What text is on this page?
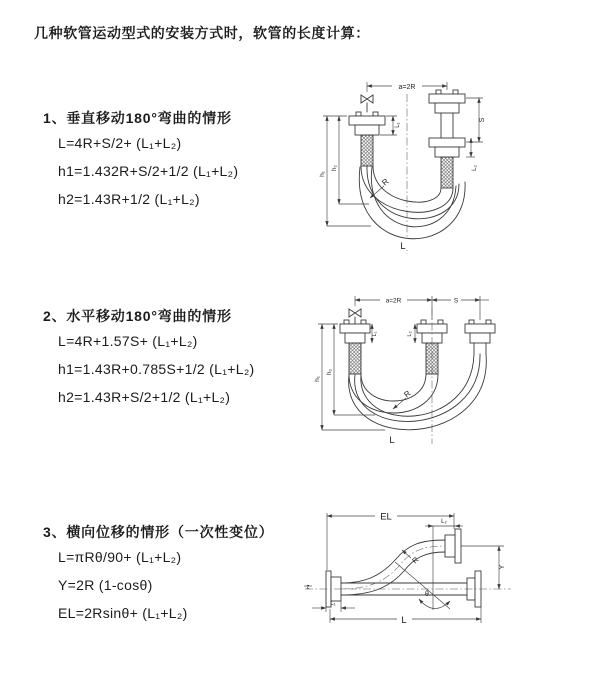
几种软管运动型式的安装方式时，软管的长度计算：
1、垂直移动180°弯曲的情形
L=4R+S/2+ (L₁+L₂)
h1=1.432R+S/2+1/2 (L₁+L₂)
h2=1.43R+1/2 (L₁+L₂)
a=2R
h₁
h₂
L₁
S
L₂
R
L
2、水平移动180°弯曲的情形
L=4R+1.57S+ (L₁+L₂)
h1=1.43R+0.785S+1/2 (L₁+L₂)
h2=1.43R+S/2+1/2 (L₁+L₂)
a=2R	S
h₁
h₂
L₁	L₂
R
L
3、横向位移的情形（一次性变位）
L=πRθ/90+ (L₁+L₂)
Y=2R (1-cosθ)
EL=2Rsinθ+ (L₁+L₂)
EL	L₂
z
Y
R
θ
L₁
L
